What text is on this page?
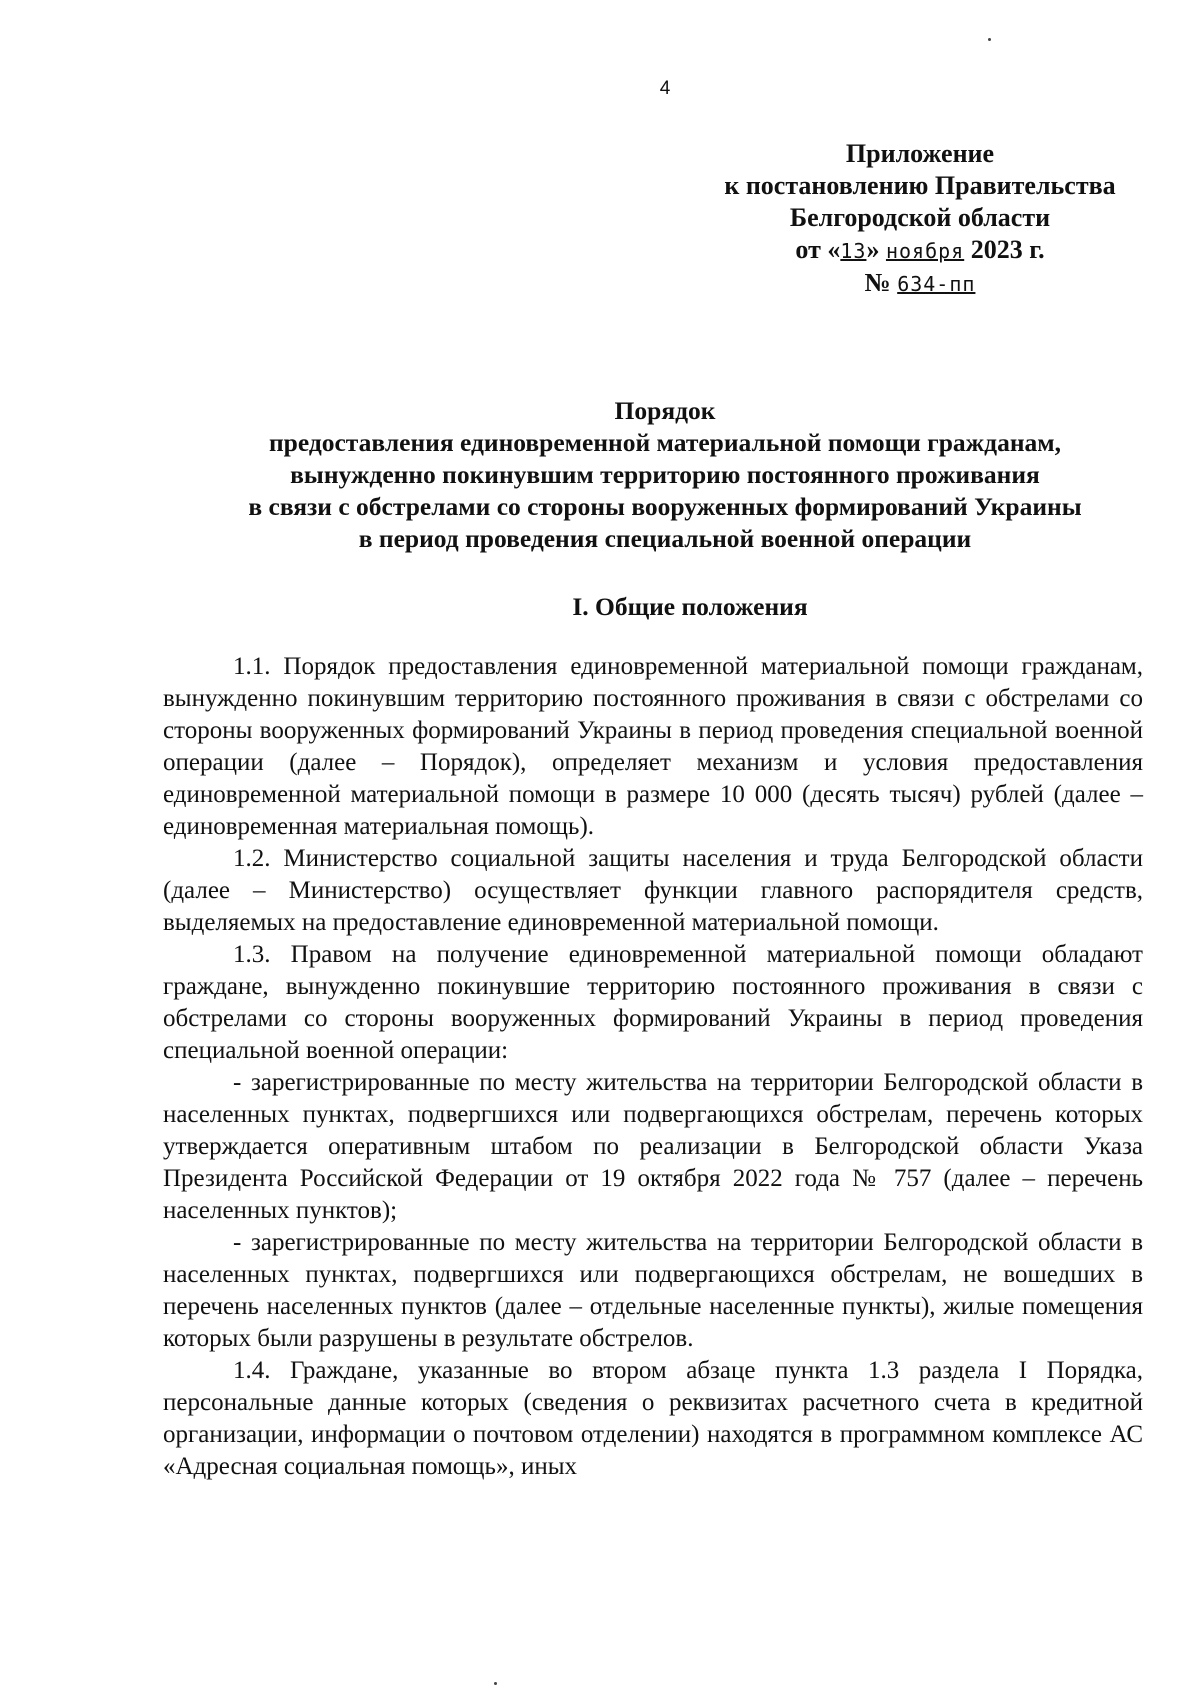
4
Приложение
к постановлению Правительства
Белгородской области
от «13» ноября 2023 г.
№ 634-пп
Порядок
предоставления единовременной материальной помощи гражданам,
вынужденно покинувшим территорию постоянного проживания
в связи с обстрелами со стороны вооруженных формирований Украины
в период проведения специальной военной операции
I. Общие положения

1.1. Порядок предоставления единовременной материальной помощи гражданам, вынужденно покинувшим территорию постоянного проживания в связи с обстрелами со стороны вооруженных формирований Украины в период проведения специальной военной операции (далее – Порядок), определяет механизм и условия предоставления единовременной материальной помощи в размере 10 000 (десять тысяч) рублей (далее – единовременная материальная помощь).

1.2. Министерство социальной защиты населения и труда Белгородской области (далее – Министерство) осуществляет функции главного распорядителя средств, выделяемых на предоставление единовременной материальной помощи.

1.3. Правом на получение единовременной материальной помощи обладают граждане, вынужденно покинувшие территорию постоянного проживания в связи с обстрелами со стороны вооруженных формирований Украины в период проведения специальной военной операции:

- зарегистрированные по месту жительства на территории Белгородской области в населенных пунктах, подвергшихся или подвергающихся обстрелам, перечень которых утверждается оперативным штабом по реализации в Белгородской области Указа Президента Российской Федерации от 19 октября 2022 года № 757 (далее – перечень населенных пунктов);

- зарегистрированные по месту жительства на территории Белгородской области в населенных пунктах, подвергшихся или подвергающихся обстрелам, не вошедших в перечень населенных пунктов (далее – отдельные населенные пункты), жилые помещения которых были разрушены в результате обстрелов.

1.4. Граждане, указанные во втором абзаце пункта 1.3 раздела I Порядка, персональные данные которых (сведения о реквизитах расчетного счета в кредитной организации, информации о почтовом отделении) находятся в программном комплексе АС «Адресная социальная помощь», иных
